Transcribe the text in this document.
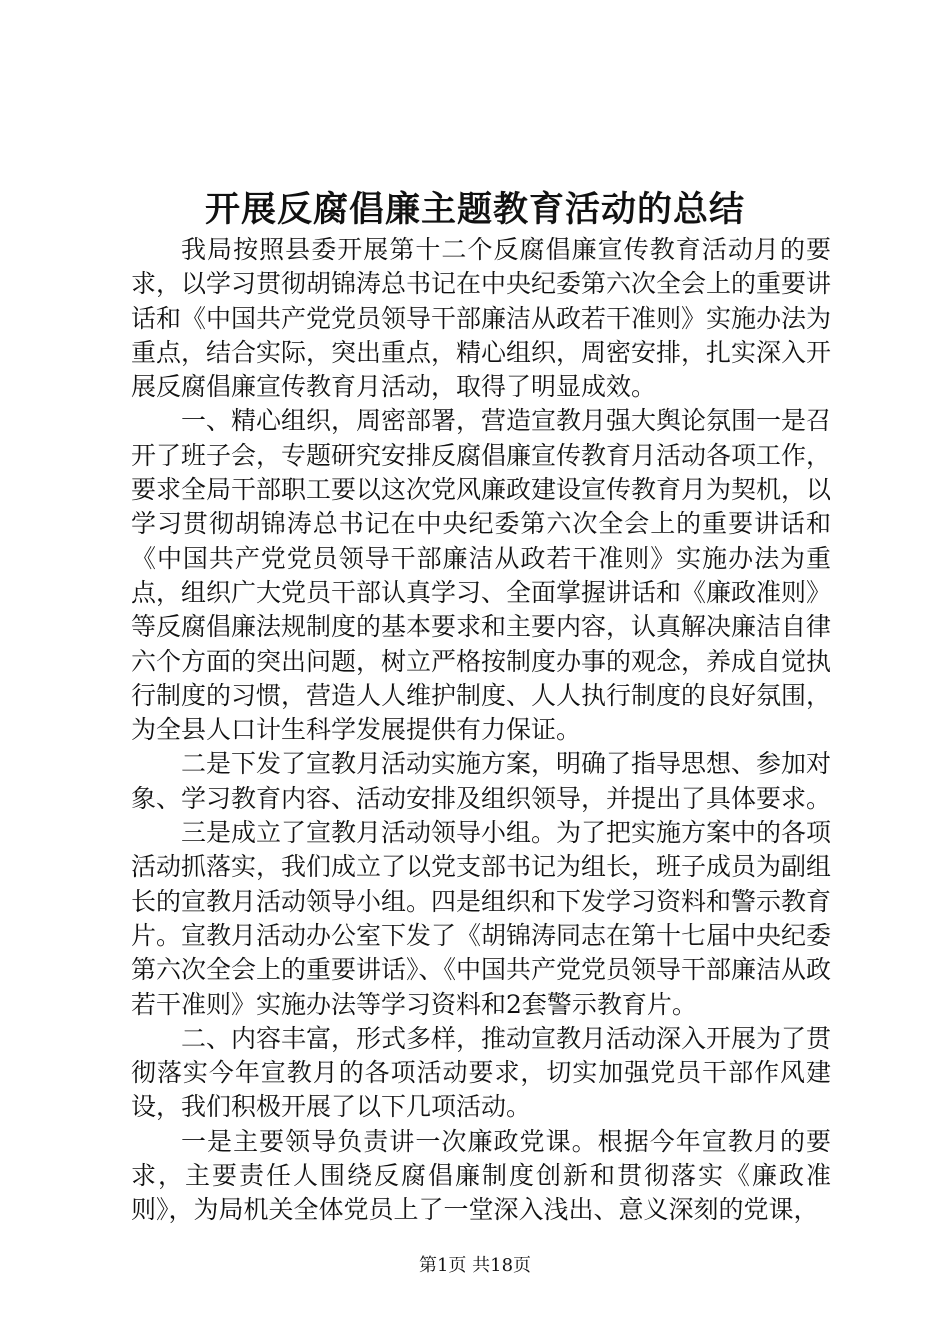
开展反腐倡廉主题教育活动的总结

我局按照县委开展第十二个反腐倡廉宣传教育活动月的要求，以学习贯彻胡锦涛总书记在中央纪委第六次全会上的重要讲话和《中国共产党党员领导干部廉洁从政若干准则》实施办法为重点，结合实际，突出重点，精心组织，周密安排，扎实深入开展反腐倡廉宣传教育月活动，取得了明显成效。

一、精心组织，周密部署，营造宣教月强大舆论氛围一是召开了班子会，专题研究安排反腐倡廉宣传教育月活动各项工作，要求全局干部职工要以这次党风廉政建设宣传教育月为契机，以学习贯彻胡锦涛总书记在中央纪委第六次全会上的重要讲话和《中国共产党党员领导干部廉洁从政若干准则》实施办法为重点，组织广大党员干部认真学习、全面掌握讲话和《廉政准则》等反腐倡廉法规制度的基本要求和主要内容，认真解决廉洁自律六个方面的突出问题，树立严格按制度办事的观念，养成自觉执行制度的习惯，营造人人维护制度、人人执行制度的良好氛围，为全县人口计生科学发展提供有力保证。

二是下发了宣教月活动实施方案，明确了指导思想、参加对象、学习教育内容、活动安排及组织领导，并提出了具体要求。

三是成立了宣教月活动领导小组。为了把实施方案中的各项活动抓落实，我们成立了以党支部书记为组长，班子成员为副组长的宣教月活动领导小组。四是组织和下发学习资料和警示教育片。宣教月活动办公室下发了《胡锦涛同志在第十七届中央纪委第六次全会上的重要讲话》、《中国共产党党员领导干部廉洁从政若干准则》实施办法等学习资料和2套警示教育片。

二、内容丰富，形式多样，推动宣教月活动深入开展为了贯彻落实今年宣教月的各项活动要求，切实加强党员干部作风建设，我们积极开展了以下几项活动。

一是主要领导负责讲一次廉政党课。根据今年宣教月的要求，主要责任人围绕反腐倡廉制度创新和贯彻落实《廉政准则》，为局机关全体党员上了一堂深入浅出、意义深刻的党课，

第1页 共18页
